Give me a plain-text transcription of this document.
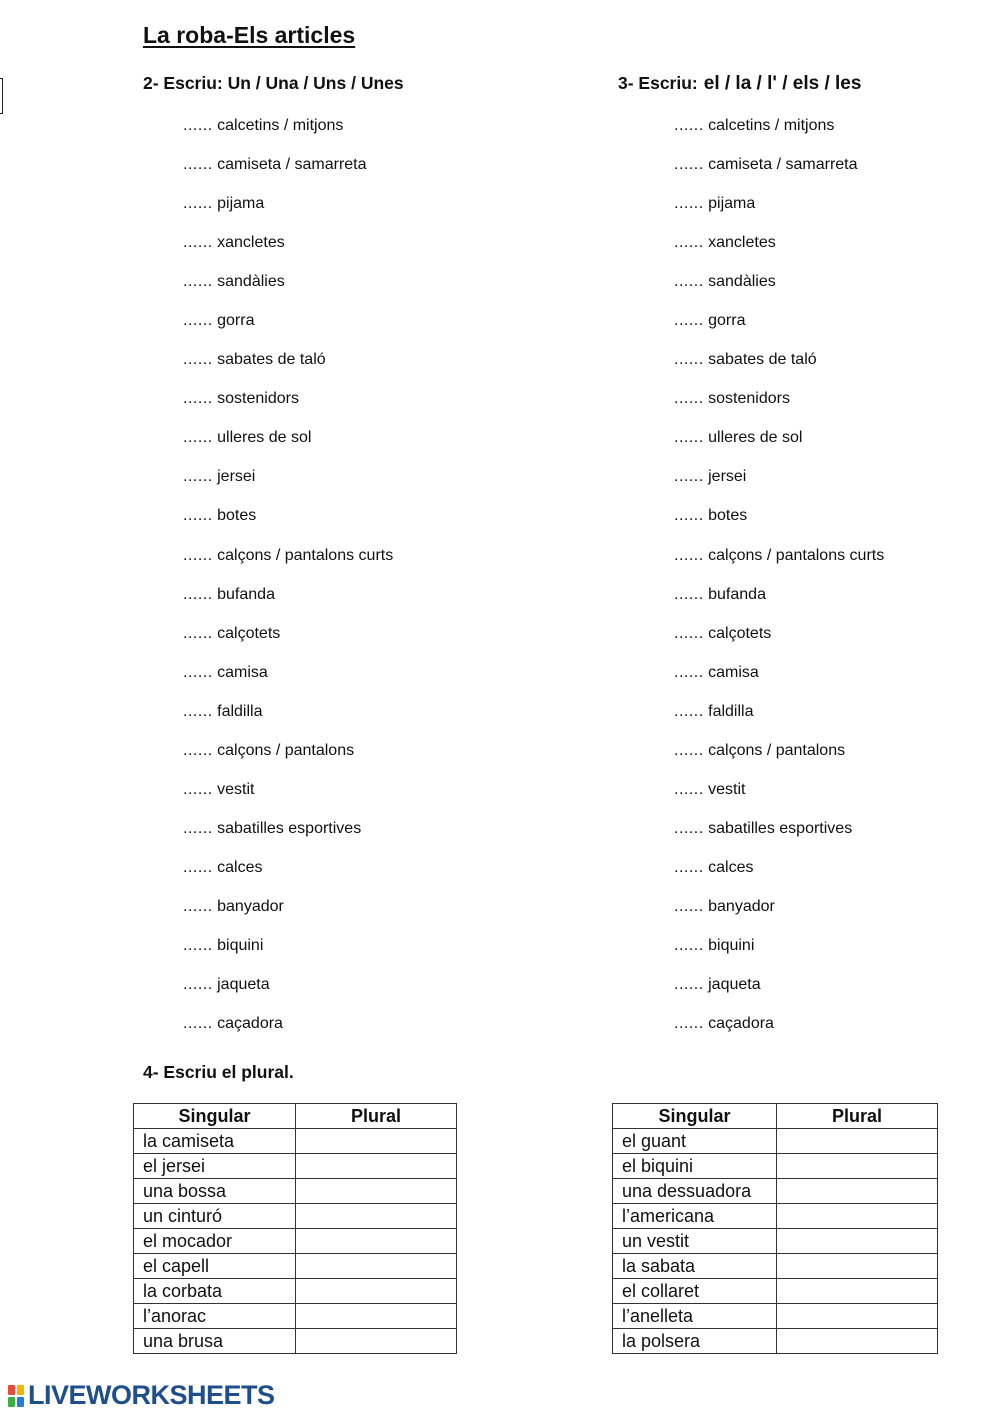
La roba-Els articles
2- Escriu: Un / Una / Uns / Unes	3- Escriu: el / la / l' / els / les
...... calcetins / mitjons
...... camiseta / samarreta
...... pijama
...... xancletes
...... sandàlies
...... gorra
...... sabates de taló
...... sostenidors
...... ulleres de sol
...... jersei
...... botes
...... calçons / pantalons curts
...... bufanda
...... calçotets
...... camisa
...... faldilla
...... calçons / pantalons
...... vestit
...... sabatilles esportives
...... calces
...... banyador
...... biquini
...... jaqueta
...... caçadora
...... calcetins / mitjons
...... camiseta / samarreta
...... pijama
...... xancletes
...... sandàlies
...... gorra
...... sabates de taló
...... sostenidors
...... ulleres de sol
...... jersei
...... botes
...... calçons / pantalons curts
...... bufanda
...... calçotets
...... camisa
...... faldilla
...... calçons / pantalons
...... vestit
...... sabatilles esportives
...... calces
...... banyador
...... biquini
...... jaqueta
...... caçadora
4- Escriu el plural.
Singular	Plural
la camiseta	
el jersei	
una bossa	
un cinturó	
el mocador	
el capell	
la corbata	
l’anorac	
una brusa	
Singular	Plural
el guant	
el biquini	
una dessuadora	
l’americana	
un vestit	
la sabata	
el collaret	
l’anelleta	
la polsera	
LIVEWORKSHEETS
